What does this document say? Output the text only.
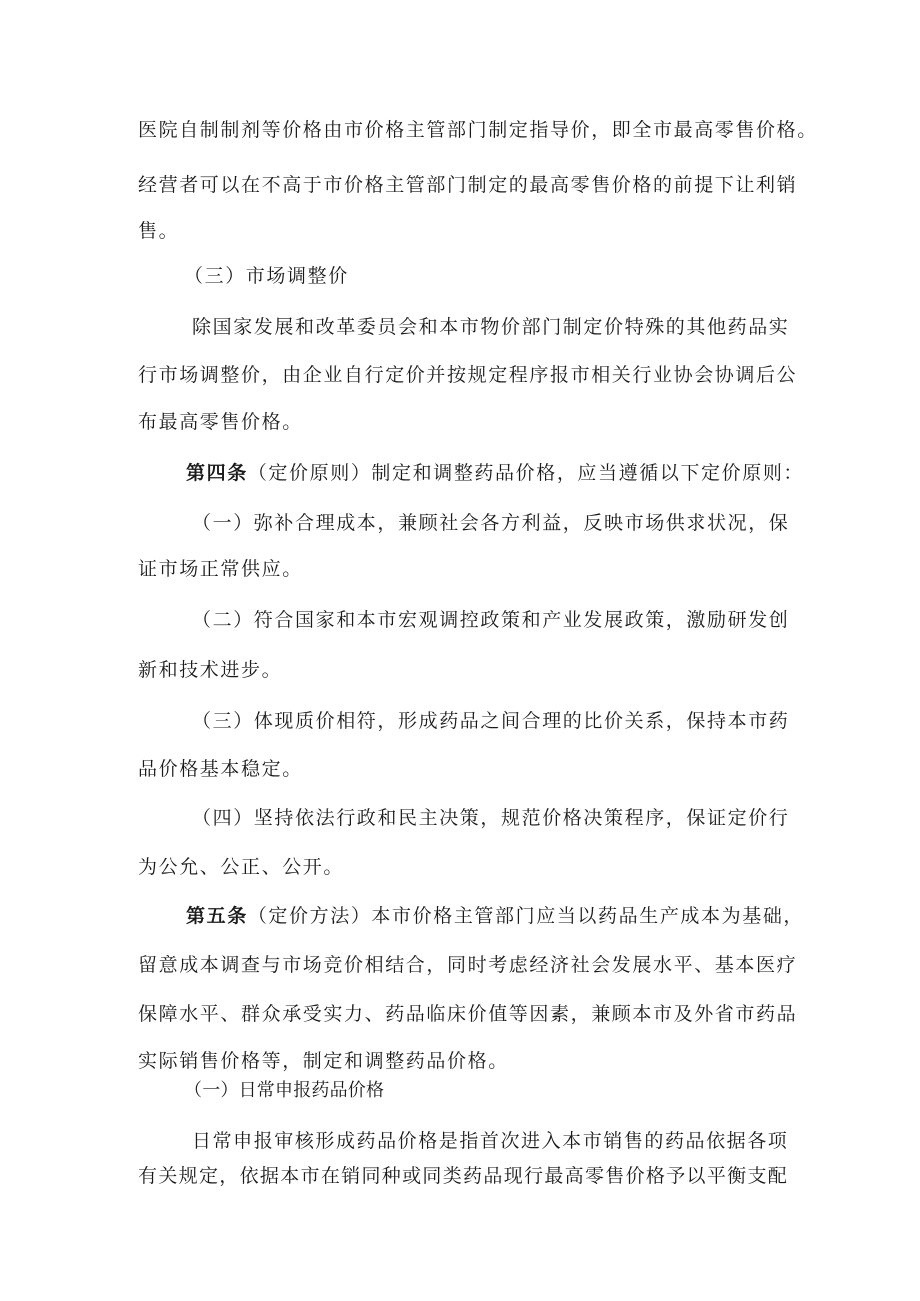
医院自制制剂等价格由市价格主管部门制定指导价，即全市最高零售价格。
经营者可以在不高于市价格主管部门制定的最高零售价格的前提下让利销
售。
（三）市场调整价
除国家发展和改革委员会和本市物价部门制定价特殊的其他药品实
行市场调整价，由企业自行定价并按规定程序报市相关行业协会协调后公
布最高零售价格。
第四条（定价原则）制定和调整药品价格，应当遵循以下定价原则：
（一）弥补合理成本，兼顾社会各方利益，反映市场供求状况，保
证市场正常供应。
（二）符合国家和本市宏观调控政策和产业发展政策，激励研发创
新和技术进步。
（三）体现质价相符，形成药品之间合理的比价关系，保持本市药
品价格基本稳定。
（四）坚持依法行政和民主决策，规范价格决策程序，保证定价行
为公允、公正、公开。
第五条（定价方法）本市价格主管部门应当以药品生产成本为基础，
留意成本调查与市场竞价相结合，同时考虑经济社会发展水平、基本医疗
保障水平、群众承受实力、药品临床价值等因素，兼顾本市及外省市药品
实际销售价格等，制定和调整药品价格。
（一）日常申报药品价格
日常申报审核形成药品价格是指首次进入本市销售的药品依据各项
有关规定，依据本市在销同种或同类药品现行最高零售价格予以平衡支配
